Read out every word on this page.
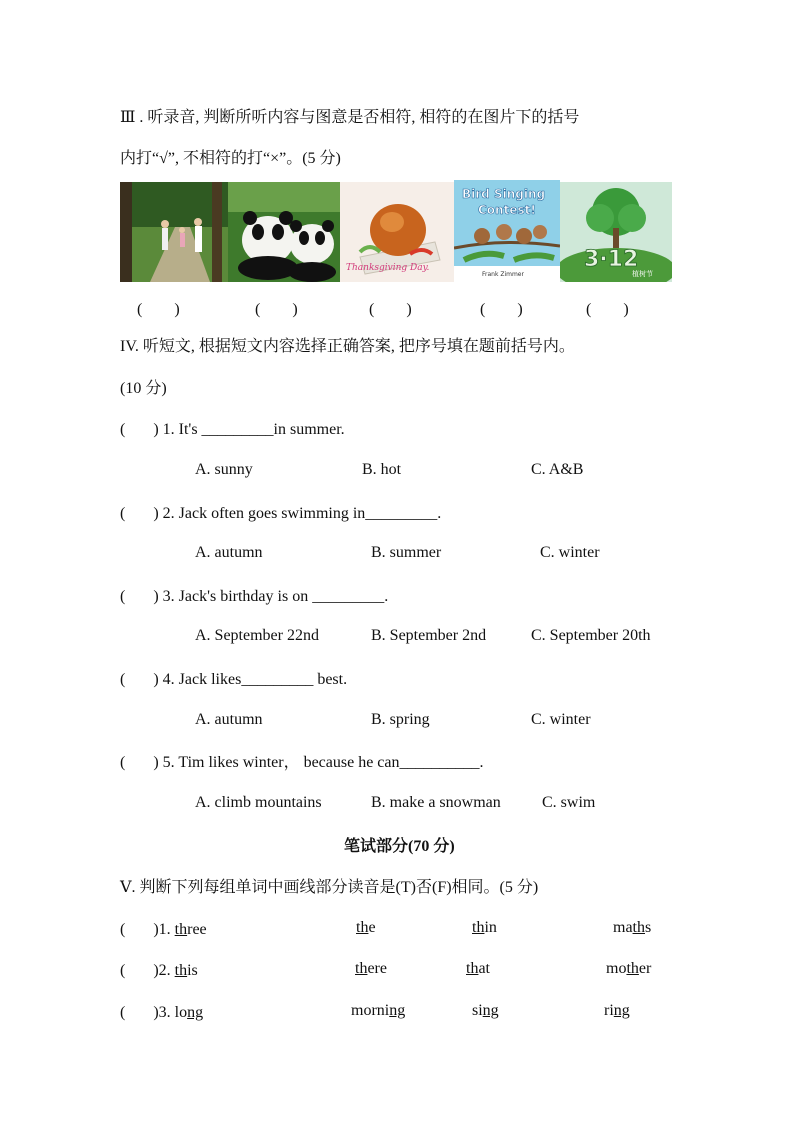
Ⅲ . 听录音, 判断所听内容与图意是否相符, 相符的在图片下的括号
内打“√”, 不相符的打“×”。(5 分)
Thanksgiving Day.
Bird Singing
Contest!
Frank Zimmer
3·12
植树节
(　　)	(　　)	(　　)	(　　)	(　　)
IV. 听短文, 根据短文内容选择正确答案, 把序号填在题前括号内。
(10 分)
(       ) 1. It's _________in summer.
A. sunny	B. hot	C. A&B
(       ) 2. Jack often goes swimming in_________.
A. autumn	B. summer	C. winter
(       ) 3. Jack's birthday is on _________.
A. September 22nd	B. September 2nd	C. September 20th
(       ) 4. Jack likes_________ best.
A. autumn	B. spring	C. winter
(       ) 5. Tim likes winter， because he can__________.
A. climb mountains	B. make a snowman	C. swim
笔试部分(70 分)
Ⅴ. 判断下列每组单词中画线部分读音是(T)否(F)相同。(5 分)
( )1. three	the	thin	maths
( )2. this	there	that	mother
( )3. long	morning	sing	ring
